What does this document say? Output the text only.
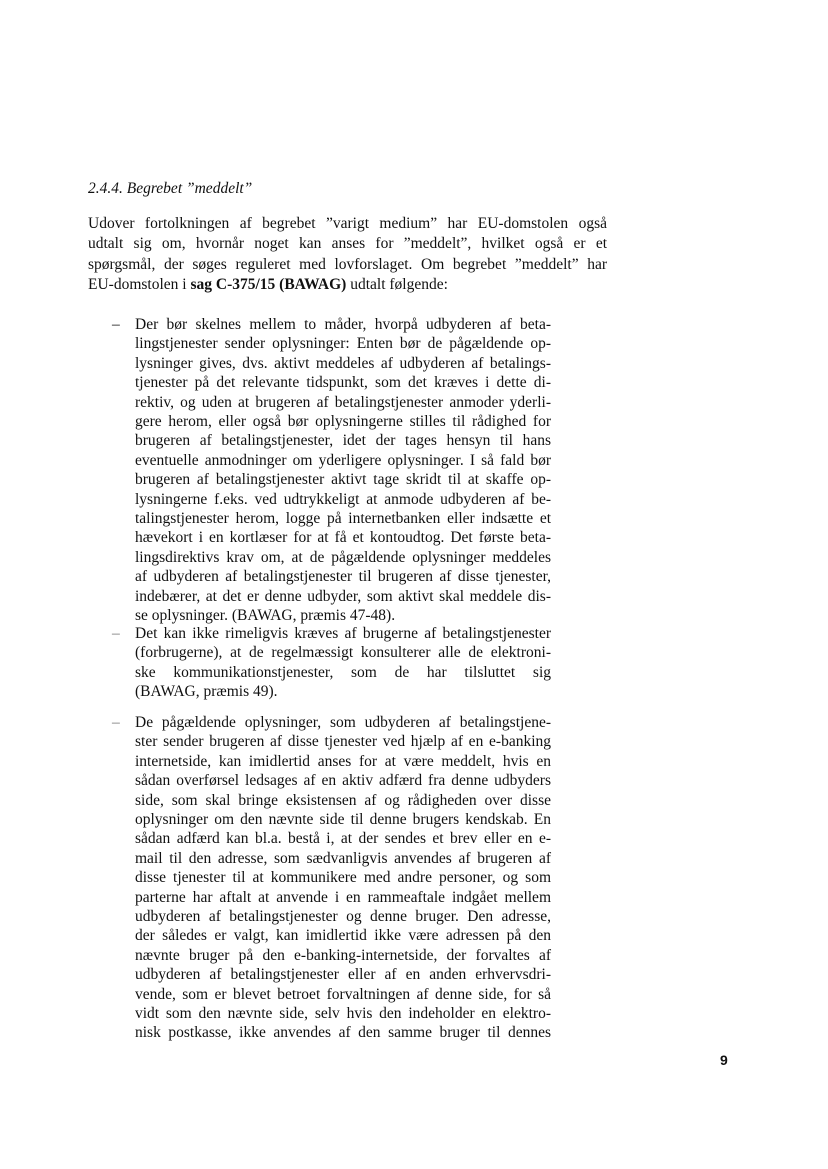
2.4.4. Begrebet ”meddelt”
Udover fortolkningen af begrebet ”varigt medium” har EU-domstolen også
udtalt sig om, hvornår noget kan anses for ”meddelt”, hvilket også er et
spørgsmål, der søges reguleret med lovforslaget. Om begrebet ”meddelt” har
EU-domstolen i sag C-375/15 (BAWAG) udtalt følgende:
– Der bør skelnes mellem to måder, hvorpå udbyderen af beta-
lingstjenester sender oplysninger: Enten bør de pågældende op-
lysninger gives, dvs. aktivt meddeles af udbyderen af betalings-
tjenester på det relevante tidspunkt, som det kræves i dette di-
rektiv, og uden at brugeren af betalingstjenester anmoder yderli-
gere herom, eller også bør oplysningerne stilles til rådighed for
brugeren af betalingstjenester, idet der tages hensyn til hans
eventuelle anmodninger om yderligere oplysninger. I så fald bør
brugeren af betalingstjenester aktivt tage skridt til at skaffe op-
lysningerne f.eks. ved udtrykkeligt at anmode udbyderen af be-
talingstjenester herom, logge på internetbanken eller indsætte et
hævekort i en kortlæser for at få et kontoudtog. Det første beta-
lingsdirektivs krav om, at de pågældende oplysninger meddeles
af udbyderen af betalingstjenester til brugeren af disse tjenester,
indebærer, at det er denne udbyder, som aktivt skal meddele dis-
se oplysninger. (BAWAG, præmis 47-48).
– Det kan ikke rimeligvis kræves af brugerne af betalingstjenester
(forbrugerne), at de regelmæssigt konsulterer alle de elektroni-
ske kommunikationstjenester, som de har tilsluttet sig
(BAWAG, præmis 49).
– De pågældende oplysninger, som udbyderen af betalingstjene-
ster sender brugeren af disse tjenester ved hjælp af en e-banking
internetside, kan imidlertid anses for at være meddelt, hvis en
sådan overførsel ledsages af en aktiv adfærd fra denne udbyders
side, som skal bringe eksistensen af og rådigheden over disse
oplysninger om den nævnte side til denne brugers kendskab. En
sådan adfærd kan bl.a. bestå i, at der sendes et brev eller en e-
mail til den adresse, som sædvanligvis anvendes af brugeren af
disse tjenester til at kommunikere med andre personer, og som
parterne har aftalt at anvende i en rammeaftale indgået mellem
udbyderen af betalingstjenester og denne bruger. Den adresse,
der således er valgt, kan imidlertid ikke være adressen på den
nævnte bruger på den e-banking-internetside, der forvaltes af
udbyderen af betalingstjenester eller af en anden erhvervsdri-
vende, som er blevet betroet forvaltningen af denne side, for så
vidt som den nævnte side, selv hvis den indeholder en elektro-
nisk postkasse, ikke anvendes af den samme bruger til dennes
9
